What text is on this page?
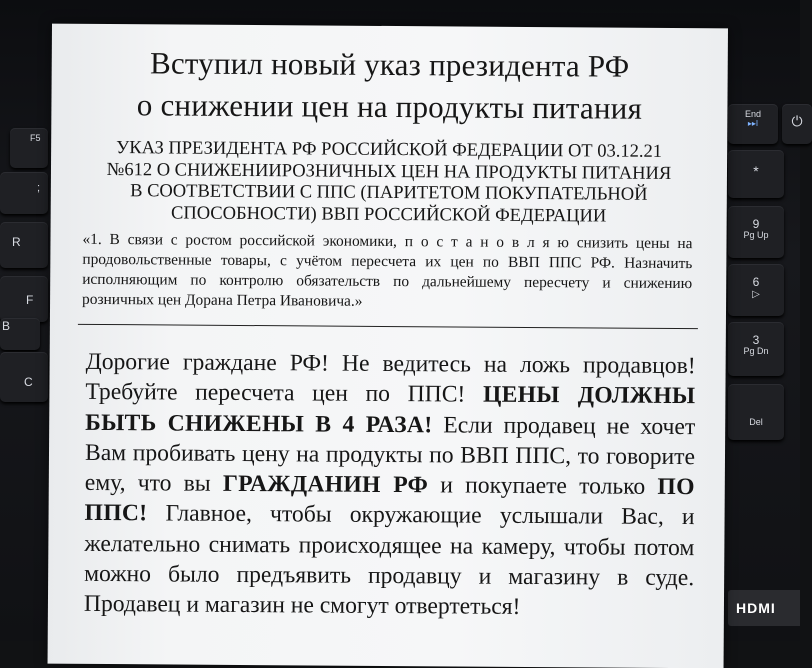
F5
;
R
F
B
C
End
▸▸I	⏻
*
9
Pg Up
6
▷
3
Pg Dn
Del
HDMI
Вступил новый указ президента РФ
о снижении цен на продукты питания
УКАЗ ПРЕЗИДЕНТА РФ РОССИЙСКОЙ ФЕДЕРАЦИИ ОТ 03.12.21
№612 О СНИЖЕНИИРОЗНИЧНЫХ ЦЕН НА ПРОДУКТЫ ПИТАНИЯ
В СООТВЕТСТВИИ С ППС (ПАРИТЕТОМ ПОКУПАТЕЛЬНОЙ
СПОСОБНОСТИ) ВВП РОССИЙСКОЙ ФЕДЕРАЦИИ
«1. В связи с ростом российской экономики, п о с т а н о в л я ю снизить цены на продовольственные товары, с учётом пересчета их цен по ВВП ППС РФ. Назначить исполняющим по контролю обязательств по дальнейшему пересчету и снижению розничных цен Дорана Петра Ивановича.»
Дорогие граждане РФ! Не ведитесь на ложь продавцов! Требуйте пересчета цен по ППС! ЦЕНЫ ДОЛЖНЫ БЫТЬ СНИЖЕНЫ В 4 РАЗА! Если продавец не хочет Вам пробивать цену на продукты по ВВП ППС, то говорите ему, что вы ГРАЖДАНИН РФ и покупаете только ПО ППС! Главное, чтобы окружающие услышали Вас, и желательно снимать происходящее на камеру, чтобы потом можно было предъявить продавцу и магазину в суде. Продавец и магазин не смогут отвертеться!
